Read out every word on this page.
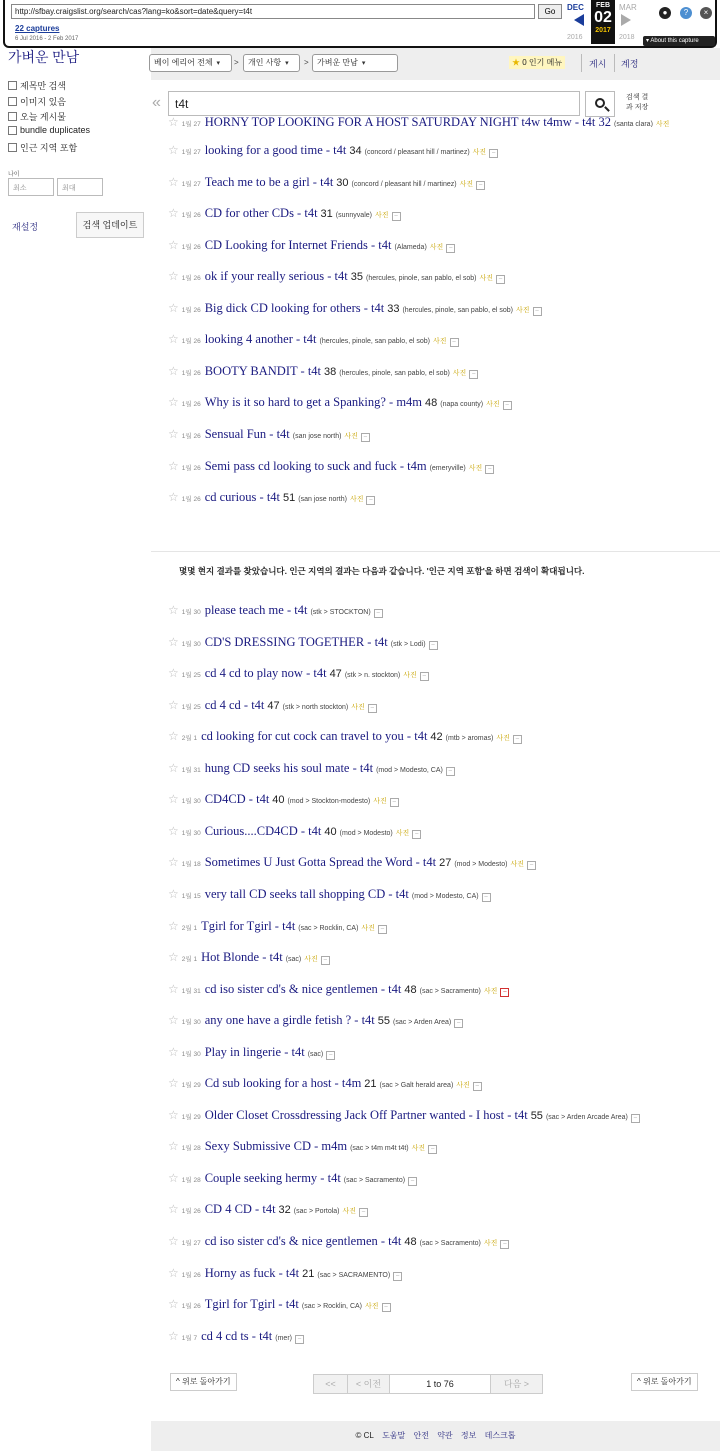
http://sfbay.craigslist.org/search/cas?lang=ko&sort=date&query=t4t
Go
22 captures
6 Jul 2016 - 2 Feb 2017
DEC	FEB
02
2017
MAR
2016	2018
●	?	×
▾ About this capture
가벼운 만남
제목만 검색
이미지 있음
오늘 게시물
bundle duplicates
인근 지역 포함
나이
최소	최대
재설정	검색 업데이트
베이 에리어 전체 ▾	>	개인 사항 ▾	>	가벼운 만남 ▾	★ 0 인기 메뉴	게시 계정
«
t4t	검색 결
과 저장
☆ 1월 27 HORNY TOP LOOKING FOR A HOST SATURDAY NIGHT t4w t4mw - t4t 32 (santa clara) 사진
☆ 1월 27 looking for a good time - t4t 34 (concord / pleasant hill / martinez) 사진 –
☆ 1월 27 Teach me to be a girl - t4t 30 (concord / pleasant hill / martinez) 사진 –
☆ 1월 26 CD for other CDs - t4t 31 (sunnyvale) 사진 –
☆ 1월 26 CD Looking for Internet Friends - t4t (Alameda) 사진 –
☆ 1월 26 ok if your really serious - t4t 35 (hercules, pinole, san pablo, el sob) 사진 –
☆ 1월 26 Big dick CD looking for others - t4t 33 (hercules, pinole, san pablo, el sob) 사진 –
☆ 1월 26 looking 4 another - t4t (hercules, pinole, san pablo, el sob) 사진 –
☆ 1월 26 BOOTY BANDIT - t4t 38 (hercules, pinole, san pablo, el sob) 사진 –
☆ 1월 26 Why is it so hard to get a Spanking? - m4m 48 (napa county) 사진 –
☆ 1월 26 Sensual Fun - t4t (san jose north) 사진 –
☆ 1월 26 Semi pass cd looking to suck and fuck - t4m (emeryville) 사진 –
☆ 1월 26 cd curious - t4t 51 (san jose north) 사진 –
몇몇 현지 결과를 찾았습니다. 인근 지역의 결과는 다음과 같습니다. '인근 지역 포함'을 하면 검색이 확대됩니다.
☆ 1월 30 please teach me - t4t (stk > STOCKTON) –
☆ 1월 30 CD'S DRESSING TOGETHER - t4t (stk > Lodi) –
☆ 1월 25 cd 4 cd to play now - t4t 47 (stk > n. stockton) 사진 –
☆ 1월 25 cd 4 cd - t4t 47 (stk > north stockton) 사진 –
☆ 2월 1 cd looking for cut cock can travel to you - t4t 42 (mtb > aromas) 사진 –
☆ 1월 31 hung CD seeks his soul mate - t4t (mod > Modesto, CA) –
☆ 1월 30 CD4CD - t4t 40 (mod > Stockton-modesto) 사진 –
☆ 1월 30 Curious....CD4CD - t4t 40 (mod > Modesto) 사진 –
☆ 1월 18 Sometimes U Just Gotta Spread the Word - t4t 27 (mod > Modesto) 사진 –
☆ 1월 15 very tall CD seeks tall shopping CD - t4t (mod > Modesto, CA) –
☆ 2월 1 Tgirl for Tgirl - t4t (sac > Rocklin, CA) 사진 –
☆ 2월 1 Hot Blonde - t4t (sac) 사진 –
☆ 1월 31 cd iso sister cd's & nice gentlemen - t4t 48 (sac > Sacramento) 사진 –
☆ 1월 30 any one have a girdle fetish ? - t4t 55 (sac > Arden Area) –
☆ 1월 30 Play in lingerie - t4t (sac) –
☆ 1월 29 Cd sub looking for a host - t4m 21 (sac > Galt herald area) 사진 –
☆ 1월 29 Older Closet Crossdressing Jack Off Partner wanted - I host - t4t 55 (sac > Arden Arcade Area) –
☆ 1월 28 Sexy Submissive CD - m4m (sac > t4m m4t t4t) 사진 –
☆ 1월 28 Couple seeking hermy - t4t (sac > Sacramento) –
☆ 1월 26 CD 4 CD - t4t 32 (sac > Portola) 사진 –
☆ 1월 27 cd iso sister cd's & nice gentlemen - t4t 48 (sac > Sacramento) 사진 –
☆ 1월 26 Horny as fuck - t4t 21 (sac > SACRAMENTO) –
☆ 1월 26 Tgirl for Tgirl - t4t (sac > Rocklin, CA) 사진 –
☆ 1월 7 cd 4 cd ts - t4t (mer) –
^ 위로 돌아가기	<<	< 이전	1 to 76	다음 >	^ 위로 돌아가기
© CL 도움말 안전 약관 정보 데스크톱
